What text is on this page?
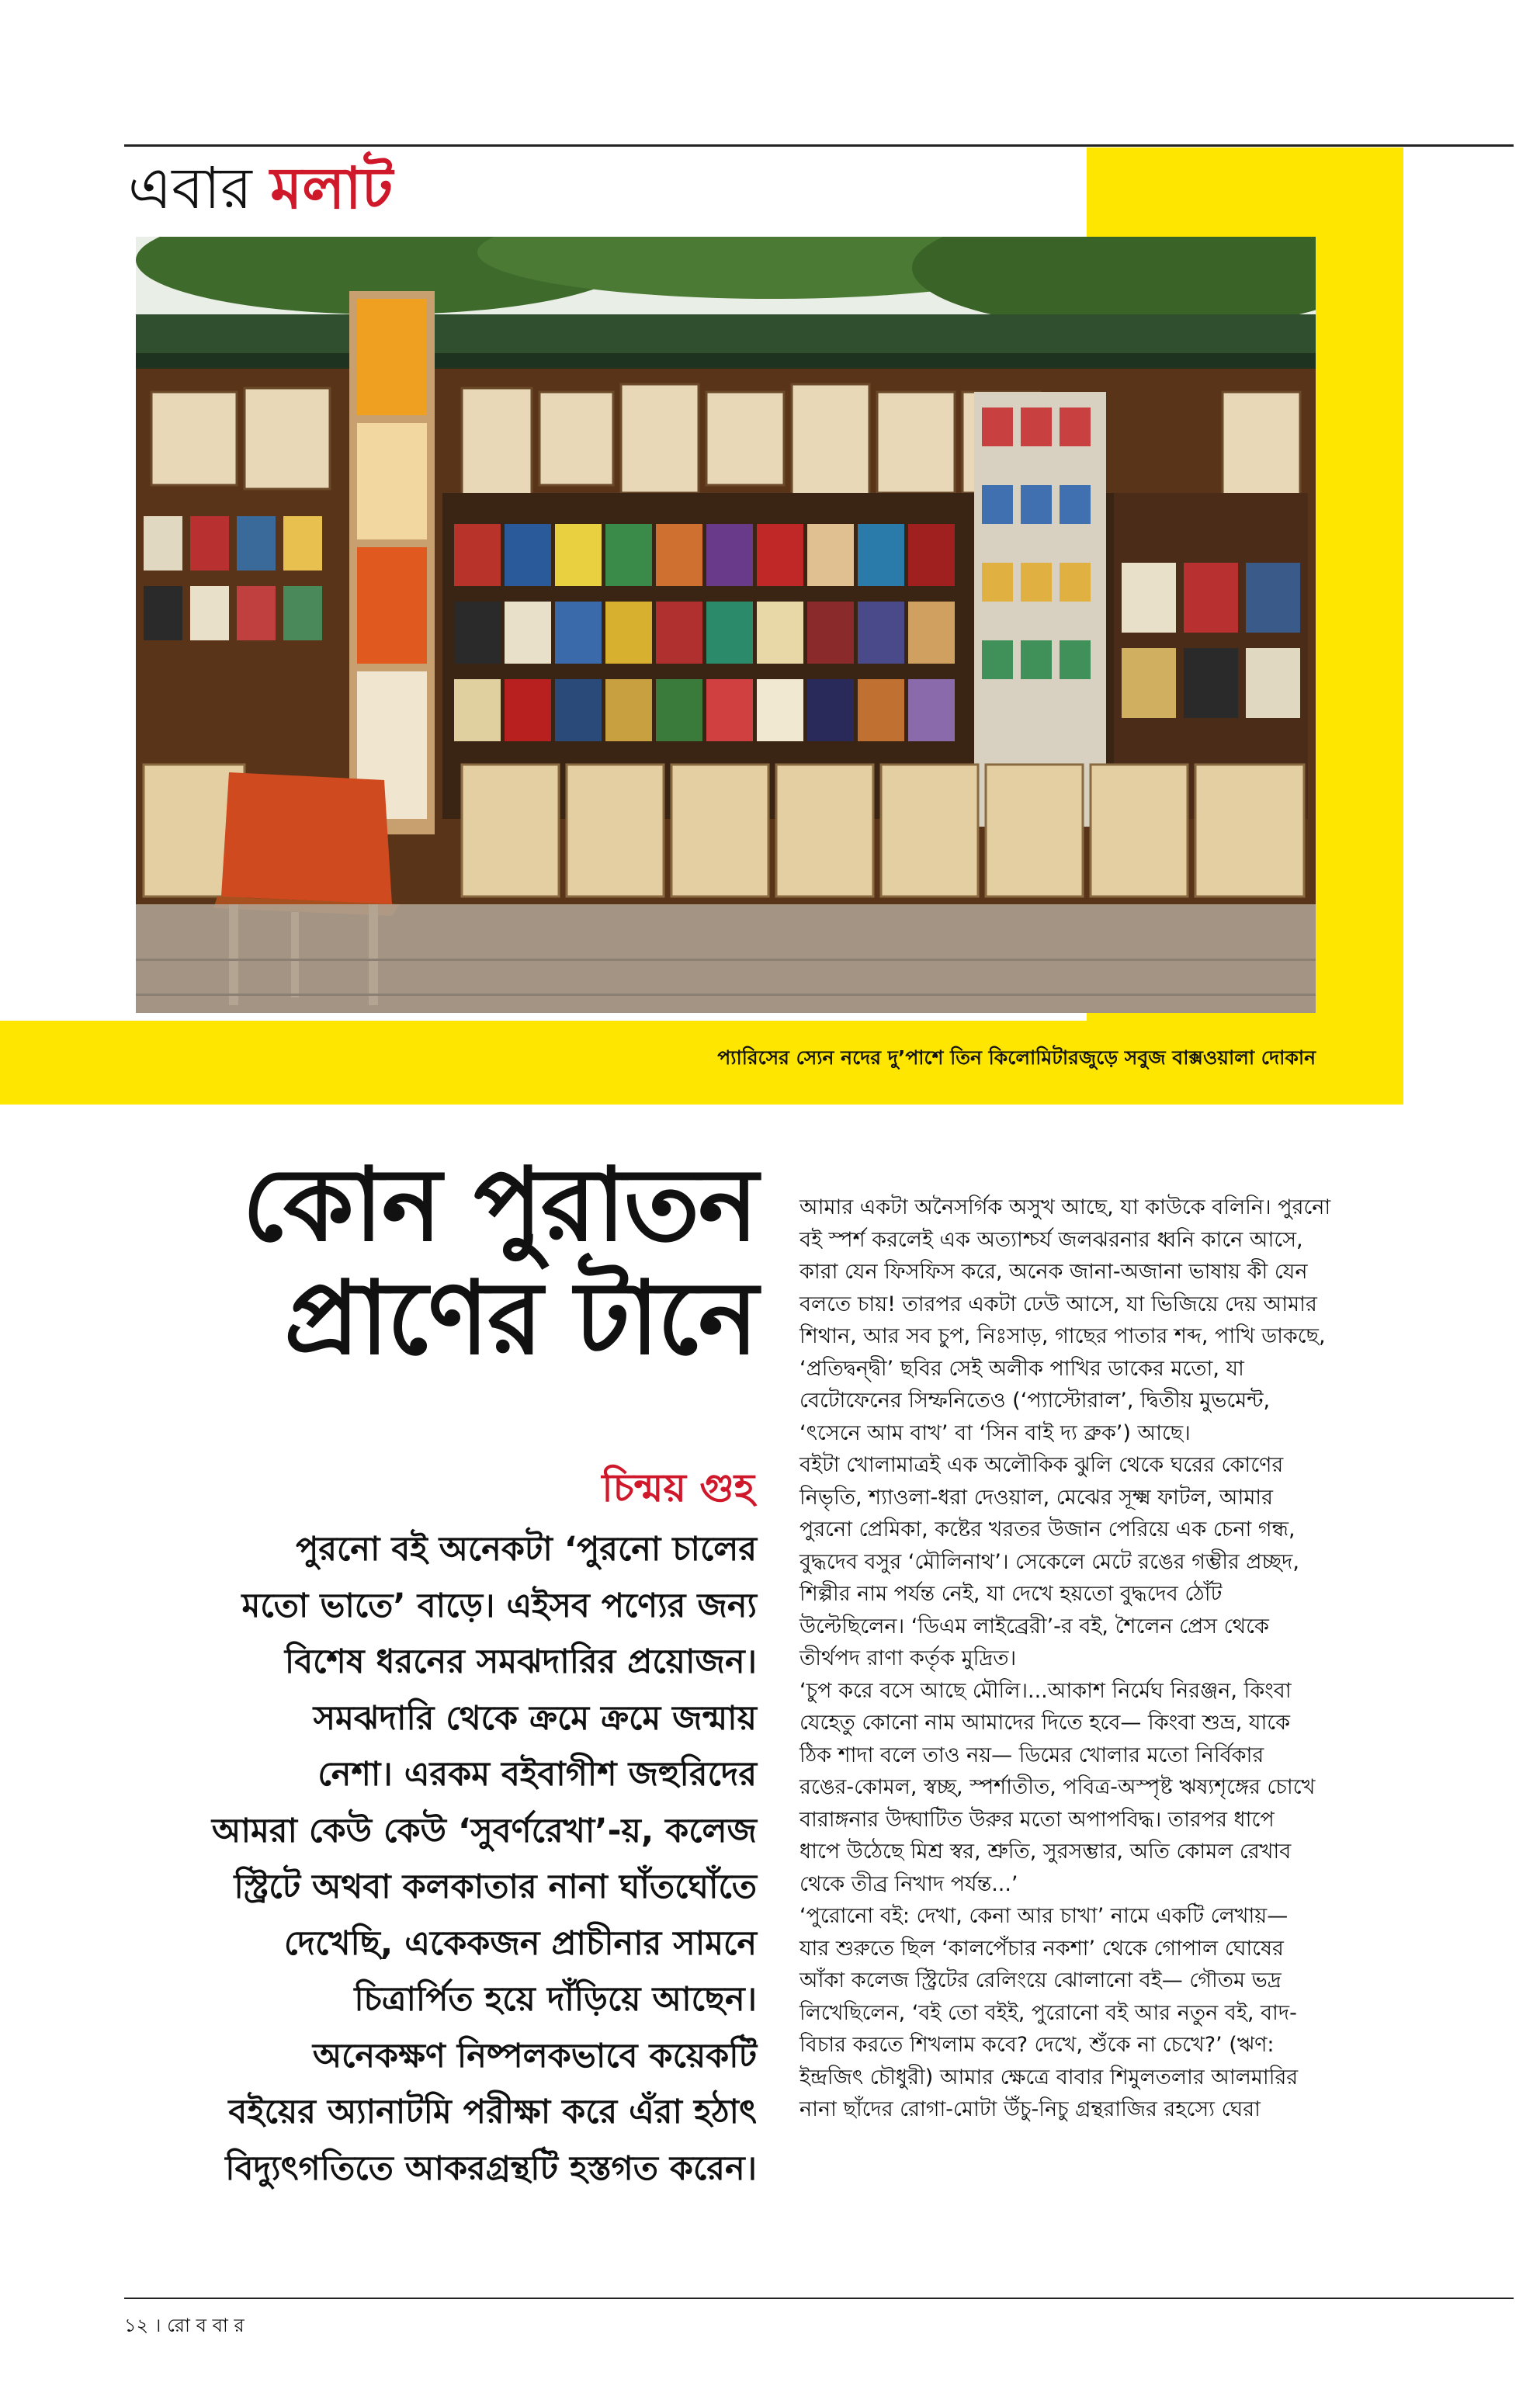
এবার মলাট
প্যারিসের স্যেন নদের দু’পাশে তিন কিলোমিটারজুড়ে সবুজ বাক্সওয়ালা দোকান
কোন পুরাতন
প্রাণের টানে
চিন্ময় গুহ
পুরনো বই অনেকটা ‘পুরনো চালের
মতো ভাতে’ বাড়ে। এইসব পণ্যের জন্য
বিশেষ ধরনের সমঝদারির প্রয়োজন।
সমঝদারি থেকে ক্রমে ক্রমে জন্মায়
নেশা। এরকম বইবাগীশ জহুরিদের
আমরা কেউ কেউ ‘সুবর্ণরেখা’-য়, কলেজ
স্ট্রিটে অথবা কলকাতার নানা ঘাঁতঘোঁতে
দেখেছি, একেকজন প্রাচীনার সামনে
চিত্রার্পিত হয়ে দাঁড়িয়ে আছেন।
অনেকক্ষণ নিষ্পলকভাবে কয়েকটি
বইয়ের অ্যানাটমি পরীক্ষা করে এঁরা হঠাৎ
বিদ্যুৎগতিতে আকরগ্রন্থটি হস্তগত করেন।
আমার একটা অনৈসর্গিক অসুখ আছে, যা কাউকে বলিনি। পুরনো
বই স্পর্শ করলেই এক অত্যাশ্চর্য জলঝরনার ধ্বনি কানে আসে,
কারা যেন ফিসফিস করে, অনেক জানা-অজানা ভাষায় কী যেন
বলতে চায়! তারপর একটা ঢেউ আসে, যা ভিজিয়ে দেয় আমার
শিথান, আর সব চুপ, নিঃসাড়, গাছের পাতার শব্দ, পাখি ডাকছে,
‘প্রতিদ্বন্দ্বী’ ছবির সেই অলীক পাখির ডাকের মতো, যা
বেটোফেনের সিম্ফনিতেও (‘প্যাস্টোরাল’, দ্বিতীয় মুভমেন্ট,
‘ৎসেনে আম বাখ’ বা ‘সিন বাই দ্য ব্রুক’) আছে।
বইটা খোলামাত্রই এক অলৌকিক ঝুলি থেকে ঘরের কোণের
নিভৃতি, শ্যাওলা-ধরা দেওয়াল, মেঝের সূক্ষ্ম ফাটল, আমার
পুরনো প্রেমিকা, কষ্টের খরতর উজান পেরিয়ে এক চেনা গন্ধ,
বুদ্ধদেব বসুর ‘মৌলিনাথ’। সেকেলে মেটে রঙের গম্ভীর প্রচ্ছদ,
শিল্পীর নাম পর্যন্ত নেই, যা দেখে হয়তো বুদ্ধদেব ঠোঁট
উল্টেছিলেন। ‘ডিএম লাইব্রেরী’-র বই, শৈলেন প্রেস থেকে
তীর্থপদ রাণা কর্তৃক মুদ্রিত।
‘চুপ করে বসে আছে মৌলি।...আকাশ নির্মেঘ নিরঞ্জন, কিংবা
যেহেতু কোনো নাম আমাদের দিতে হবে— কিংবা শুভ্র, যাকে
ঠিক শাদা বলে তাও নয়— ডিমের খোলার মতো নির্বিকার
রঙের-কোমল, স্বচ্ছ, স্পর্শাতীত, পবিত্র-অস্পৃষ্ট ঋষ্যশৃঙ্গের চোখে
বারাঙ্গনার উদ্ঘাটিত উরুর মতো অপাপবিদ্ধ। তারপর ধাপে
ধাপে উঠেছে মিশ্র স্বর, শ্রুতি, সুরসম্ভার, অতি কোমল রেখাব
থেকে তীব্র নিখাদ পর্যন্ত...’
‘পুরোনো বই: দেখা, কেনা আর চাখা’ নামে একটি লেখায়—
যার শুরুতে ছিল ‘কালপেঁচার নকশা’ থেকে গোপাল ঘোষের
আঁকা কলেজ স্ট্রিটের রেলিংয়ে ঝোলানো বই— গৌতম ভদ্র
লিখেছিলেন, ‘বই তো বইই, পুরোনো বই আর নতুন বই, বাদ-
বিচার করতে শিখলাম কবে? দেখে, শুঁকে না চেখে?’ (ঋণ:
ইন্দ্রজিৎ চৌধুরী) আমার ক্ষেত্রে বাবার শিমুলতলার আলমারির
নানা ছাঁদের রোগা-মোটা উঁচু-নিচু গ্রন্থরাজির রহস্যে ঘেরা
১২ । রো ব বা র
